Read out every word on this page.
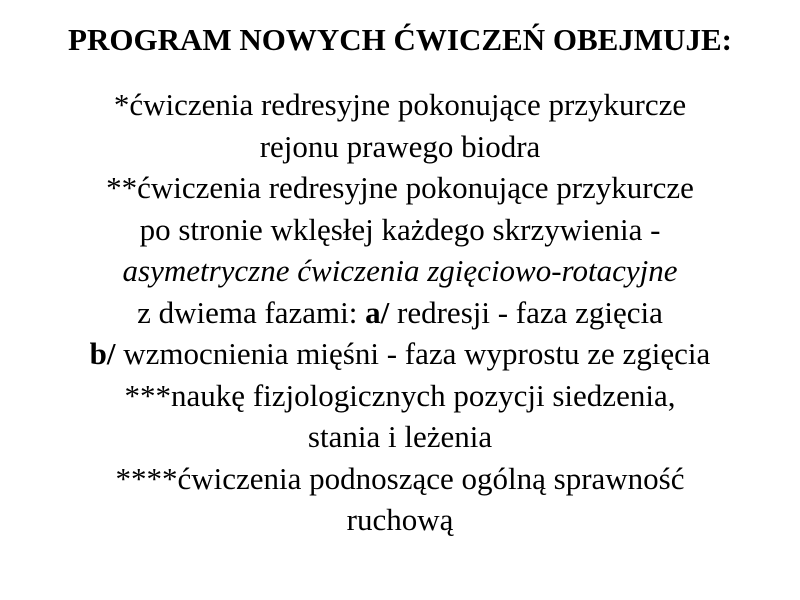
PROGRAM NOWYCH ĆWICZEŃ OBEJMUJE:
*ćwiczenia redresyjne pokonujące przykurcze
rejonu prawego biodra
**ćwiczenia redresyjne pokonujące przykurcze
po stronie wklęsłej każdego skrzywienia -
asymetryczne ćwiczenia zgięciowo-rotacyjne
z dwiema fazami: a/ redresji - faza zgięcia
b/ wzmocnienia mięśni - faza wyprostu ze zgięcia
***naukę fizjologicznych pozycji siedzenia,
stania i leżenia
****ćwiczenia podnoszące ogólną sprawność
ruchową
